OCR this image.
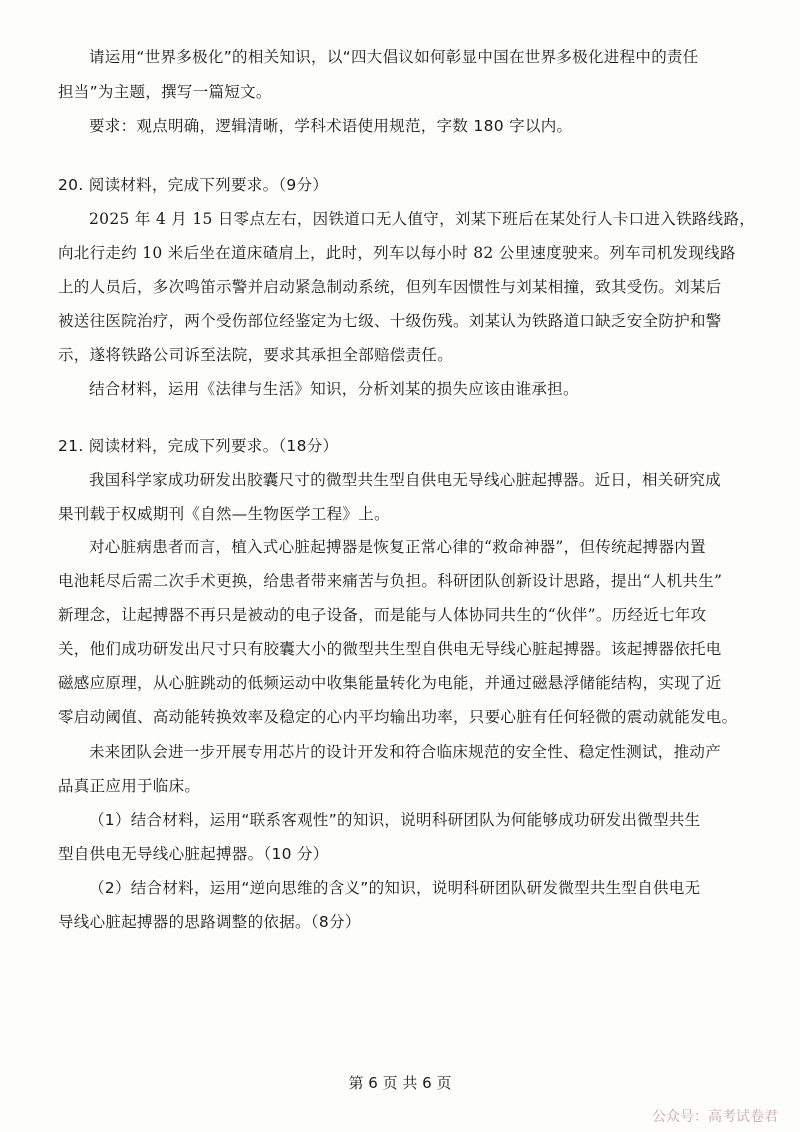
请运用“世界多极化”的相关知识，以“四大倡议如何彰显中国在世界多极化进程中的责任
担当”为主题，撰写一篇短文。
要求：观点明确，逻辑清晰，学科术语使用规范，字数 180 字以内。
20. 阅读材料，完成下列要求。（9分）
2025 年 4 月 15 日零点左右，因铁道口无人值守，刘某下班后在某处行人卡口进入铁路线路，
向北行走约 10 米后坐在道床碴肩上，此时，列车以每小时 82 公里速度驶来。列车司机发现线路
上的人员后，多次鸣笛示警并启动紧急制动系统，但列车因惯性与刘某相撞，致其受伤。刘某后
被送往医院治疗，两个受伤部位经鉴定为七级、十级伤残。刘某认为铁路道口缺乏安全防护和警
示，遂将铁路公司诉至法院，要求其承担全部赔偿责任。
结合材料，运用《法律与生活》知识，分析刘某的损失应该由谁承担。
21. 阅读材料，完成下列要求。（18分）
我国科学家成功研发出胶囊尺寸的微型共生型自供电无导线心脏起搏器。近日，相关研究成
果刊载于权威期刊《自然—生物医学工程》上。
对心脏病患者而言，植入式心脏起搏器是恢复正常心律的“救命神器”，但传统起搏器内置
电池耗尽后需二次手术更换，给患者带来痛苦与负担。科研团队创新设计思路，提出“人机共生”
新理念，让起搏器不再只是被动的电子设备，而是能与人体协同共生的“伙伴”。历经近七年攻
关，他们成功研发出尺寸只有胶囊大小的微型共生型自供电无导线心脏起搏器。该起搏器依托电
磁感应原理，从心脏跳动的低频运动中收集能量转化为电能，并通过磁悬浮储能结构，实现了近
零启动阈值、高动能转换效率及稳定的心内平均输出功率，只要心脏有任何轻微的震动就能发电。
未来团队会进一步开展专用芯片的设计开发和符合临床规范的安全性、稳定性测试，推动产
品真正应用于临床。
（1）结合材料，运用“联系客观性”的知识，说明科研团队为何能够成功研发出微型共生
型自供电无导线心脏起搏器。（10 分）
（2）结合材料，运用“逆向思维的含义”的知识，说明科研团队研发微型共生型自供电无
导线心脏起搏器的思路调整的依据。（8分）
第 6 页 共 6 页
公众号：高考试卷君
